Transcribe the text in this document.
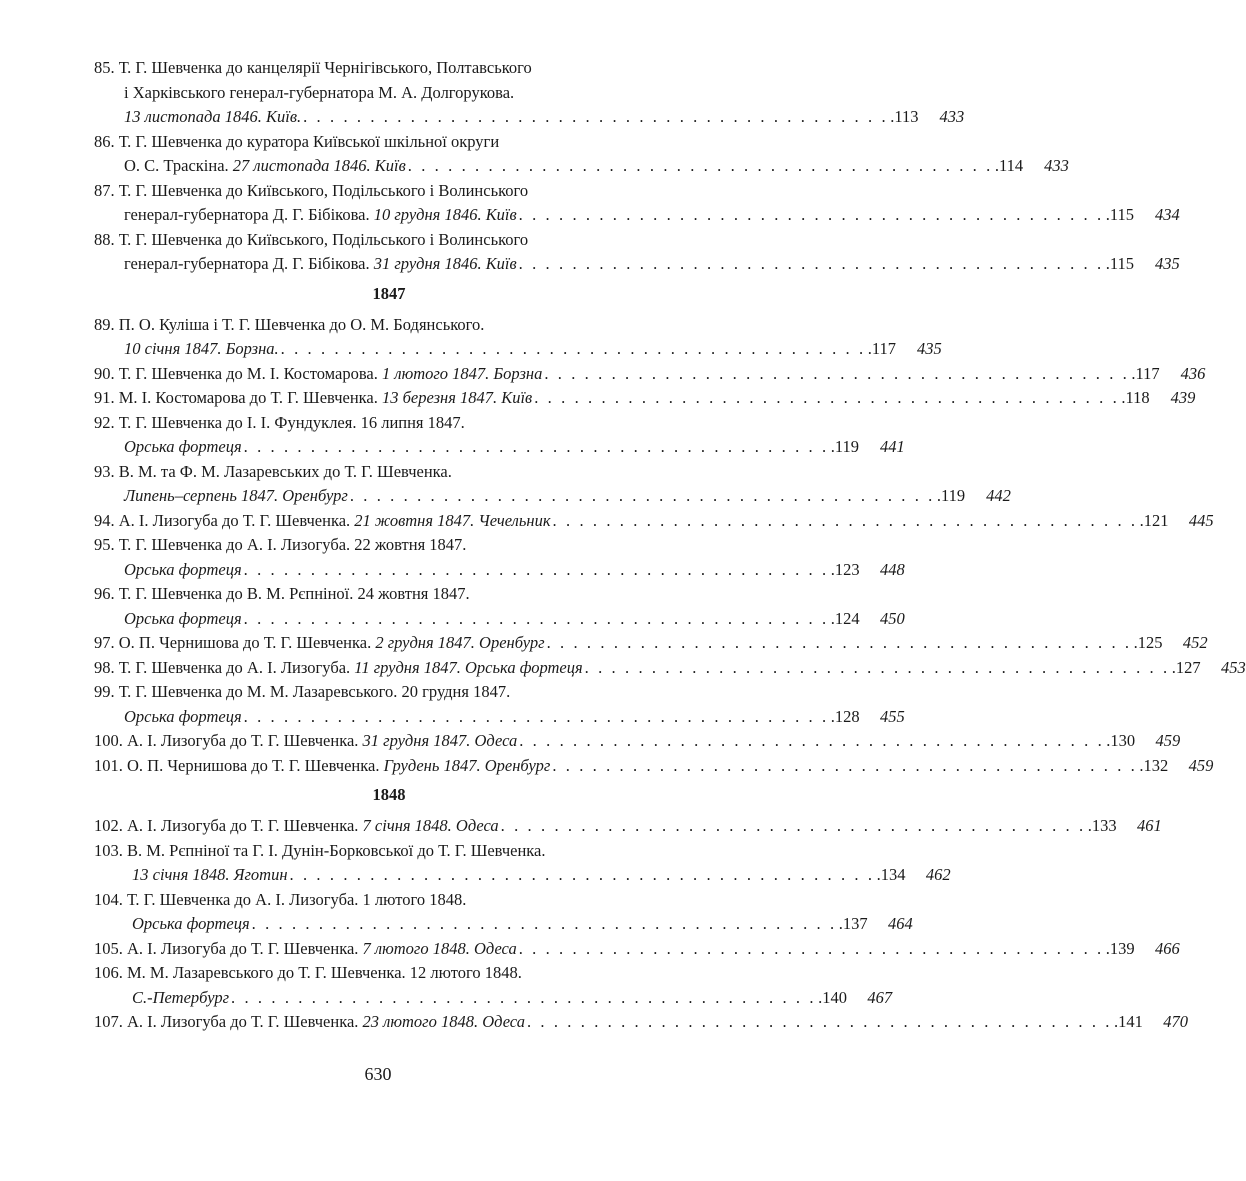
85. Т. Г. Шевченка до канцелярії Чернігівського, Полтавського
і Харківського генерал-губернатора М. А. Долгорукова.
13 листопада 1846. Київ. . . . . . . . . . . . . . . . . . . . . . . . . . . . . . . . . . . . . . . . . . . . . .113	433
86. Т. Г. Шевченка до куратора Київської шкільної округи
О. С. Траскіна. 27 листопада 1846. Київ . . . . . . . . . . . . . . . . . . . . . . . . . . . . . . . . . . . . . . . . . . . . .114	433
87. Т. Г. Шевченка до Київського, Подільського і Волинського
генерал-губернатора Д. Г. Бібікова. 10 грудня 1846. Київ . . . . . . . . . . . . . . . . . . . . . . . . . . . . . . . . . . . . . . . . . . . . .115	434
88. Т. Г. Шевченка до Київського, Подільського і Волинського
генерал-губернатора Д. Г. Бібікова. 31 грудня 1846. Київ . . . . . . . . . . . . . . . . . . . . . . . . . . . . . . . . . . . . . . . . . . . . .115	435
1847
89. П. О. Куліша і Т. Г. Шевченка до О. М. Бодянського.
10 січня 1847. Борзна. . . . . . . . . . . . . . . . . . . . . . . . . . . . . . . . . . . . . . . . . . . . . .117	435
90. Т. Г. Шевченка до М. І. Костомарова. 1 лютого 1847. Борзна . . . . . . . . . . . . . . . . . . . . . . . . . . . . . . . . . . . . . . . . . . . . .117	436
91. М. І. Костомарова до Т. Г. Шевченка. 13 березня 1847. Київ . . . . . . . . . . . . . . . . . . . . . . . . . . . . . . . . . . . . . . . . . . . . .118	439
92. Т. Г. Шевченка до І. І. Фундуклея. 16 липня 1847.
Орська фортеця . . . . . . . . . . . . . . . . . . . . . . . . . . . . . . . . . . . . . . . . . . . . .119	441
93. В. М. та Ф. М. Лазаревських до Т. Г. Шевченка.
Липень–серпень 1847. Оренбург . . . . . . . . . . . . . . . . . . . . . . . . . . . . . . . . . . . . . . . . . . . . .119	442
94. А. І. Лизогуба до Т. Г. Шевченка. 21 жовтня 1847. Чечельник . . . . . . . . . . . . . . . . . . . . . . . . . . . . . . . . . . . . . . . . . . . . .121	445
95. Т. Г. Шевченка до А. І. Лизогуба. 22 жовтня 1847.
Орська фортеця . . . . . . . . . . . . . . . . . . . . . . . . . . . . . . . . . . . . . . . . . . . . .123	448
96. Т. Г. Шевченка до В. М. Рєпніної. 24 жовтня 1847.
Орська фортеця . . . . . . . . . . . . . . . . . . . . . . . . . . . . . . . . . . . . . . . . . . . . .124	450
97. О. П. Чернишова до Т. Г. Шевченка. 2 грудня 1847. Оренбург . . . . . . . . . . . . . . . . . . . . . . . . . . . . . . . . . . . . . . . . . . . . .125	452
98. Т. Г. Шевченка до А. І. Лизогуба. 11 грудня 1847. Орська фортеця . . . . . . . . . . . . . . . . . . . . . . . . . . . . . . . . . . . . . . . . . . . . .127	453
99. Т. Г. Шевченка до М. М. Лазаревського. 20 грудня 1847.
Орська фортеця . . . . . . . . . . . . . . . . . . . . . . . . . . . . . . . . . . . . . . . . . . . . .128	455
100. А. І. Лизогуба до Т. Г. Шевченка. 31 грудня 1847. Одеса . . . . . . . . . . . . . . . . . . . . . . . . . . . . . . . . . . . . . . . . . . . . .130	459
101. О. П. Чернишова до Т. Г. Шевченка. Грудень 1847. Оренбург . . . . . . . . . . . . . . . . . . . . . . . . . . . . . . . . . . . . . . . . . . . . .132	459
1848
102. А. І. Лизогуба до Т. Г. Шевченка. 7 січня 1848. Одеса . . . . . . . . . . . . . . . . . . . . . . . . . . . . . . . . . . . . . . . . . . . . .133	461
103. В. М. Рєпніної та Г. І. Дунін-Борковської до Т. Г. Шевченка.
13 січня 1848. Яготин . . . . . . . . . . . . . . . . . . . . . . . . . . . . . . . . . . . . . . . . . . . . .134	462
104. Т. Г. Шевченка до А. І. Лизогуба. 1 лютого 1848.
Орська фортеця . . . . . . . . . . . . . . . . . . . . . . . . . . . . . . . . . . . . . . . . . . . . .137	464
105. А. І. Лизогуба до Т. Г. Шевченка. 7 лютого 1848. Одеса . . . . . . . . . . . . . . . . . . . . . . . . . . . . . . . . . . . . . . . . . . . . .139	466
106. М. М. Лазаревського до Т. Г. Шевченка. 12 лютого 1848.
С.-Петербург . . . . . . . . . . . . . . . . . . . . . . . . . . . . . . . . . . . . . . . . . . . . .140	467
107. А. І. Лизогуба до Т. Г. Шевченка. 23 лютого 1848. Одеса . . . . . . . . . . . . . . . . . . . . . . . . . . . . . . . . . . . . . . . . . . . . .141	470
630
